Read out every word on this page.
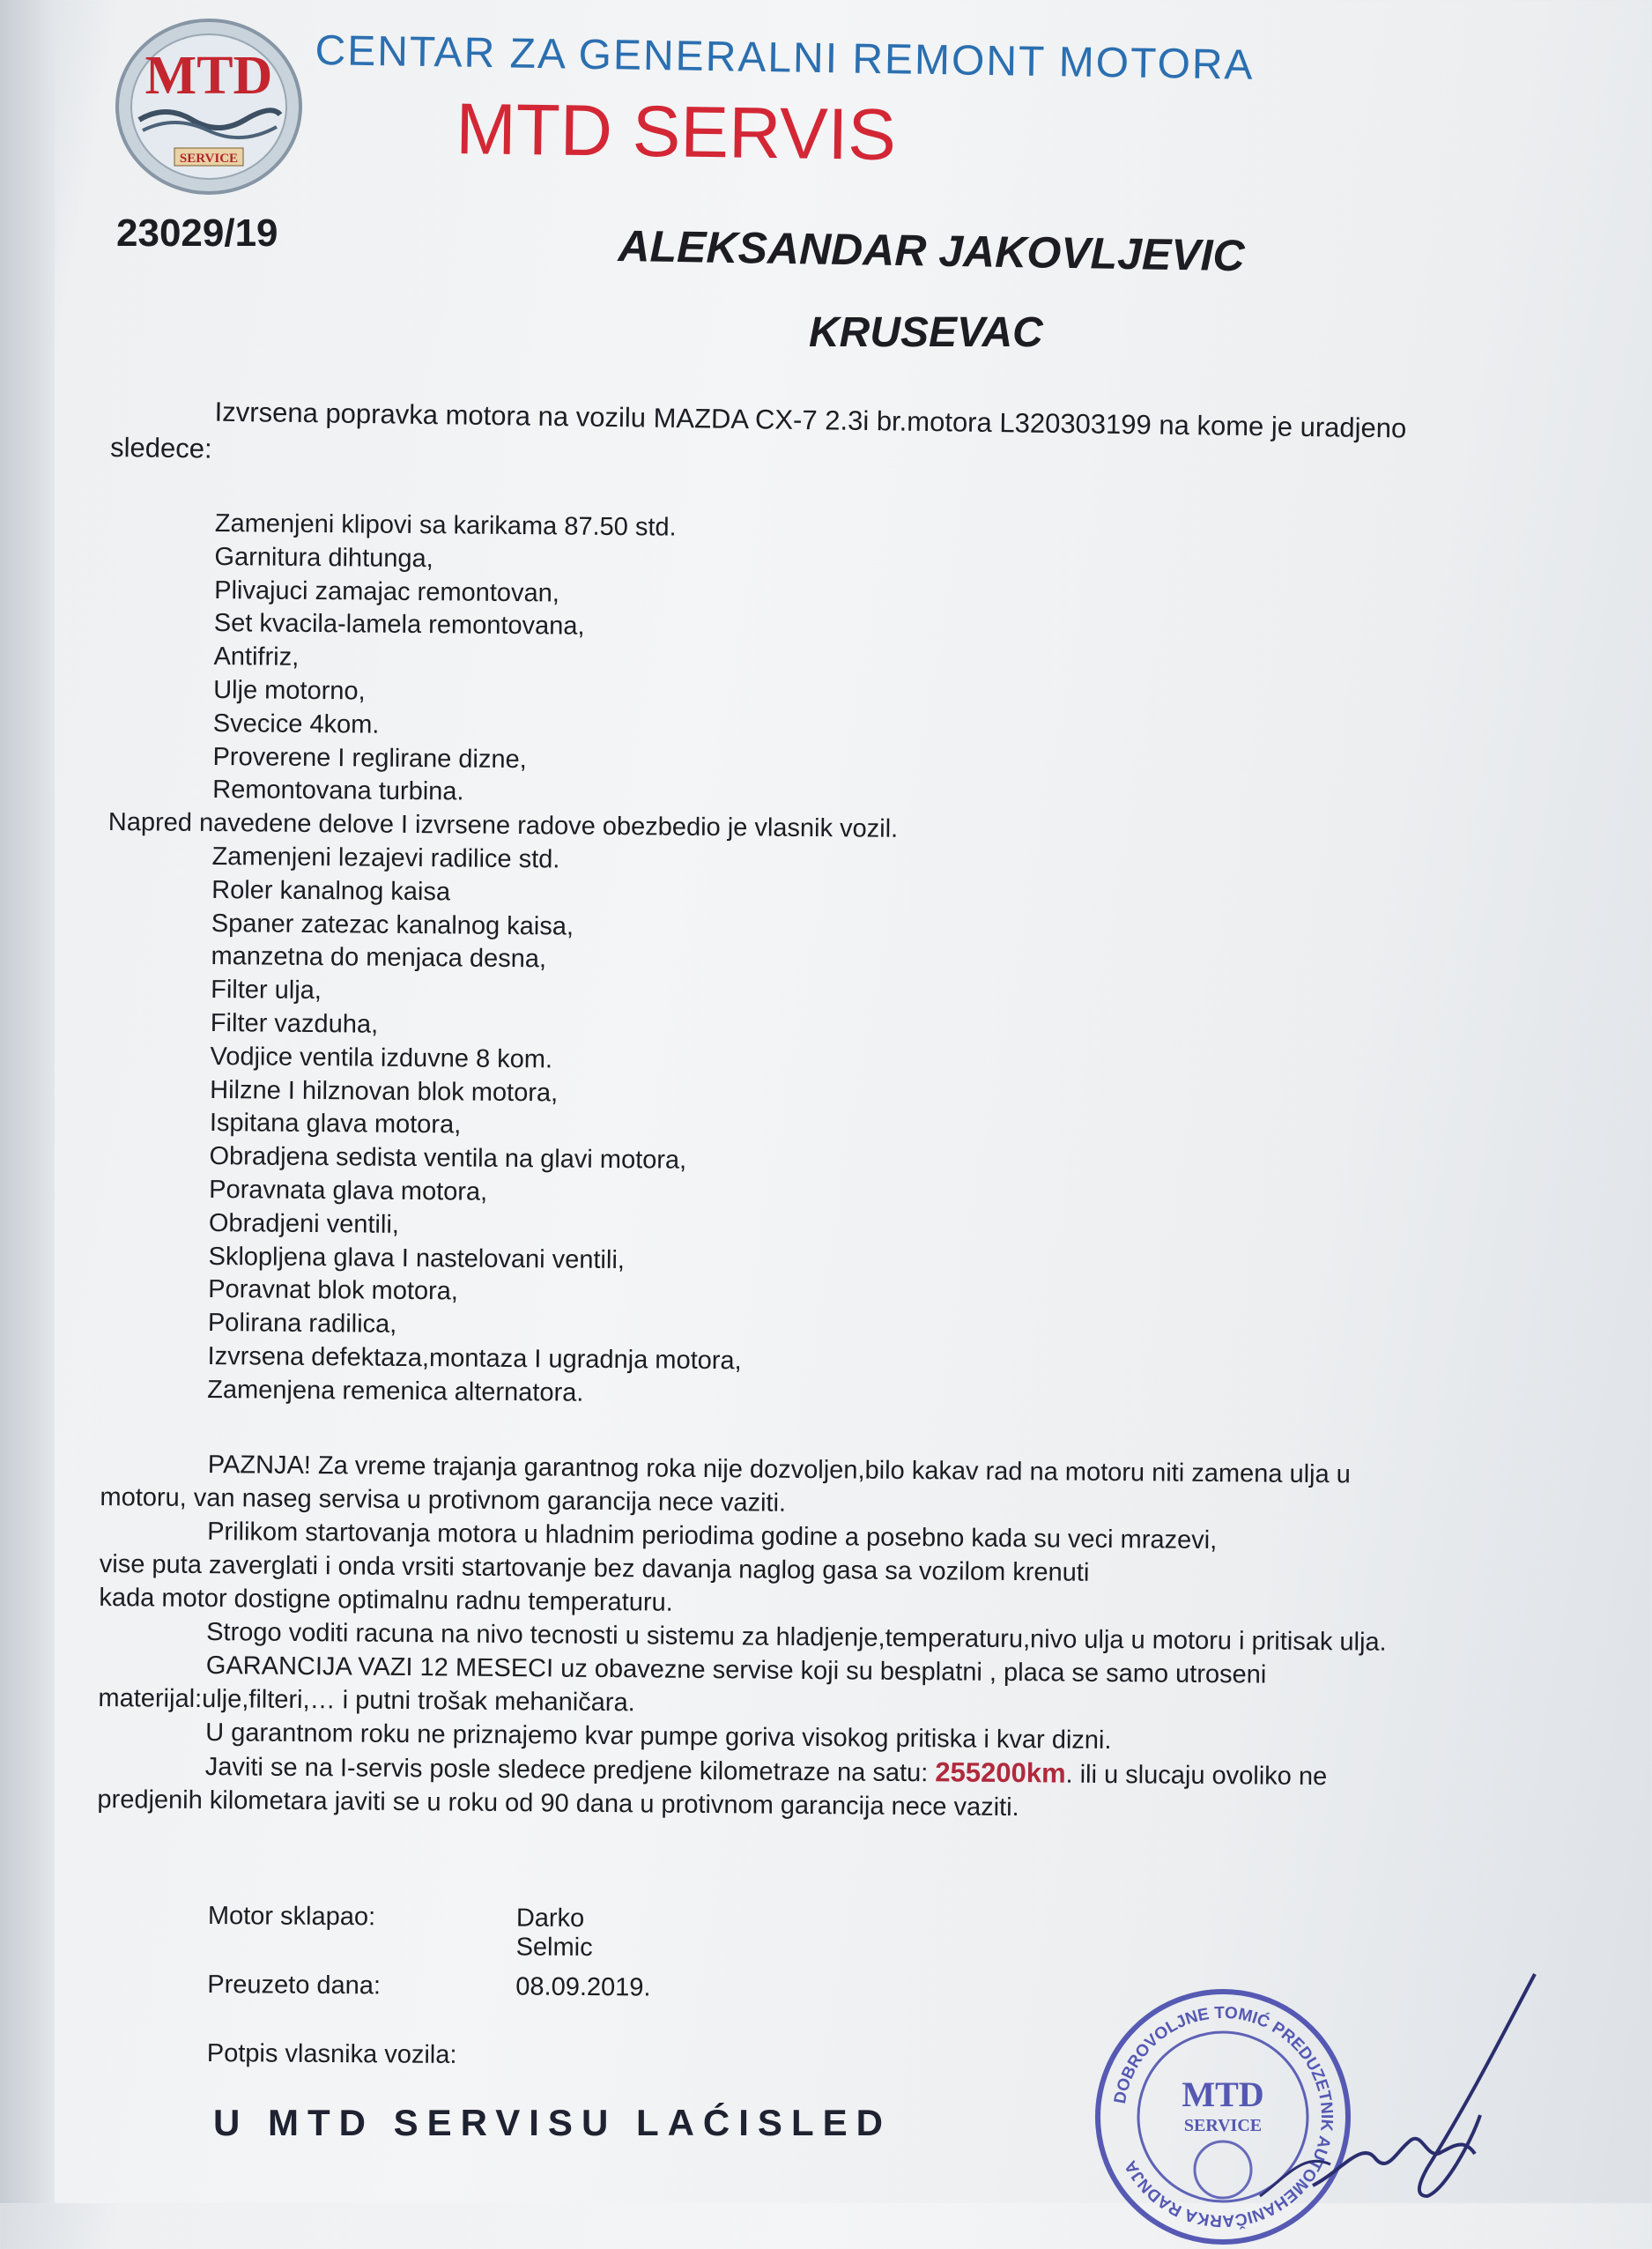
MTD
SERVICE
CENTAR ZA GENERALNI REMONT MOTORA
MTD SERVIS
23029/19	ALEKSANDAR JAKOVLJEVIC
KRUSEVAC
Izvrsena popravka motora na vozilu MAZDA CX-7 2.3i br.motora L320303199 na kome je uradjeno
sledece:
Zamenjeni klipovi sa karikama 87.50 std.
Garnitura dihtunga,
Plivajuci zamajac remontovan,
Set kvacila-lamela remontovana,
Antifriz,
Ulje motorno,
Svecice 4kom.
Proverene I reglirane dizne,
Remontovana turbina.
Napred navedene delove I izvrsene radove obezbedio je vlasnik vozil.
Zamenjeni lezajevi radilice std.
Roler kanalnog kaisa
Spaner zatezac kanalnog kaisa,
manzetna do menjaca desna,
Filter ulja,
Filter vazduha,
Vodjice ventila izduvne 8 kom.
Hilzne I hilznovan blok motora,
Ispitana glava motora,
Obradjena sedista ventila na glavi motora,
Poravnata glava motora,
Obradjeni ventili,
Sklopljena glava I nastelovani ventili,
Poravnat blok motora,
Polirana radilica,
Izvrsena defektaza,montaza I ugradnja motora,
Zamenjena remenica alternatora.
PAZNJA! Za vreme trajanja garantnog roka nije dozvoljen,bilo kakav rad na motoru niti zamena ulja u motoru, van naseg servisa u protivnom garancija nece vaziti.
Prilikom startovanja motora u hladnim periodima godine a posebno kada su veci mrazevi,
vise puta zaverglati i onda vrsiti startovanje bez davanja naglog gasa sa vozilom krenuti
kada motor dostigne optimalnu radnu temperaturu.
Strogo voditi racuna na nivo tecnosti u sistemu za hladjenje,temperaturu,nivo ulja u motoru i pritisak ulja.
GARANCIJA VAZI 12 MESECI uz obavezne servise koji su besplatni , placa se samo utroseni materijal:ulje,filteri,… i putni trošak mehaničara.
U garantnom roku ne priznajemo kvar pumpe goriva visokog pritiska i kvar dizni.
Javiti se na I-servis posle sledece predjene kilometraze na satu: 255200km. ili u slucaju ovoliko ne predjenih kilometara javiti se u roku od 90 dana u protivnom garancija nece vaziti.
Motor sklapao:	Darko Selmic
Preuzeto dana:	08.09.2019.
Potpis vlasnika vozila:
U MTD SERVISU LAĆISLED
DOBROVOLJNE TOMIĆ PREDUZETNIK AUTOMEHANIČARKA RADNJA
MTD
SERVICE
